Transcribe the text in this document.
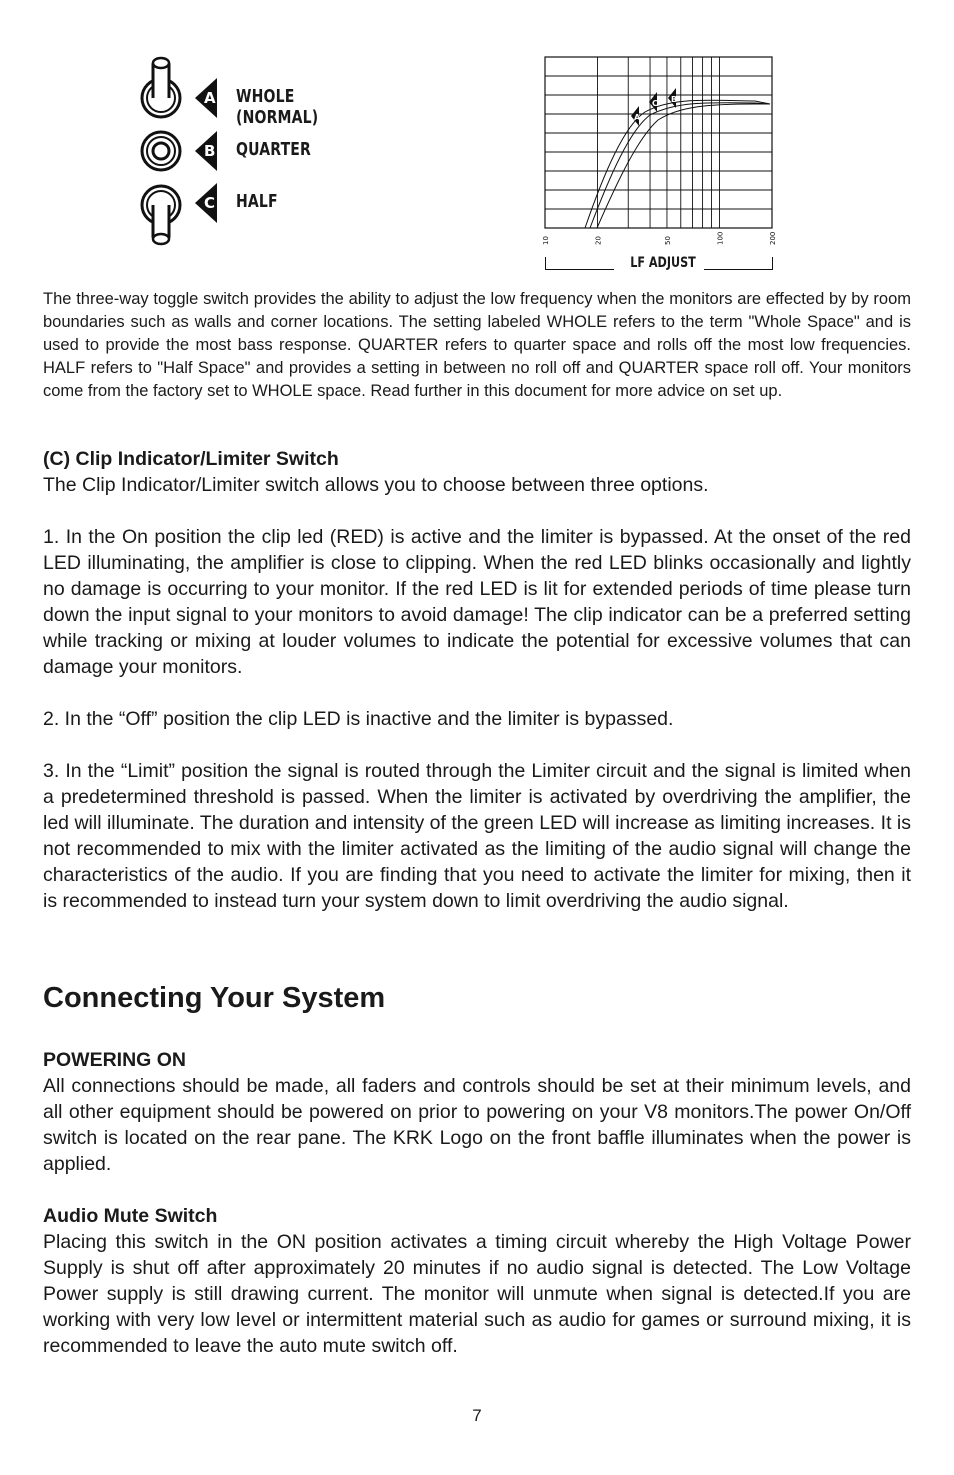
A
B
C
WHOLE (NORMAL)
QUARTER
HALF
A
C B
10	20	50	100	200
LF ADJUST

The three-way toggle switch provides the ability to adjust the low frequency when the monitors are effected by by room boundaries such as walls and corner locations. The setting labeled WHOLE refers to the term "Whole Space" and is used to provide the most bass response. QUARTER refers to quarter space and rolls off the most low frequencies. HALF refers to "Half Space" and provides a setting in between no roll off and QUARTER space roll off. Your monitors come from the factory set to WHOLE space. Read further in this document for more advice on set up.

(C) Clip Indicator/Limiter Switch

The Clip Indicator/Limiter switch allows you to choose between three options.

1. In the On position the clip led (RED) is active and the limiter is bypassed. At the onset of the red LED illuminating, the amplifier is close to clipping. When the red LED blinks occasionally and lightly no damage is occurring to your monitor. If the red LED is lit for extended periods of time please turn down the input signal to your monitors to avoid damage! The clip indicator can be a preferred setting while tracking or mixing at louder volumes to indicate the potential for excessive volumes that can damage your monitors.

2. In the “Off” position the clip LED is inactive and the limiter is bypassed.

3. In the “Limit” position the signal is routed through the Limiter circuit and the signal is limited when a predetermined threshold is passed. When the limiter is activated by overdriving the amplifier, the led will illuminate. The duration and intensity of the green LED will increase as limiting increases. It is not recommended to mix with the limiter activated as the limiting of the audio signal will change the characteristics of the audio. If you are finding that you need to activate the limiter for mixing, then it is recommended to instead turn your system down to limit overdriving the audio signal.

Connecting Your System

POWERING ON

All connections should be made, all faders and controls should be set at their minimum levels, and all other equipment should be powered on prior to powering on your V8 monitors.The power On/Off switch is located on the rear pane. The KRK Logo on the front baffle illuminates when the power is applied.

Audio Mute Switch

Placing this switch in the ON position activates a timing circuit whereby the High Voltage Power Supply is shut off after approximately 20 minutes if no audio signal is detected. The Low Voltage Power supply is still drawing current. The monitor will unmute when signal is detected.If you are working with very low level or intermittent material such as audio for games or surround mixing, it is recommended to leave the auto mute switch off.

7
